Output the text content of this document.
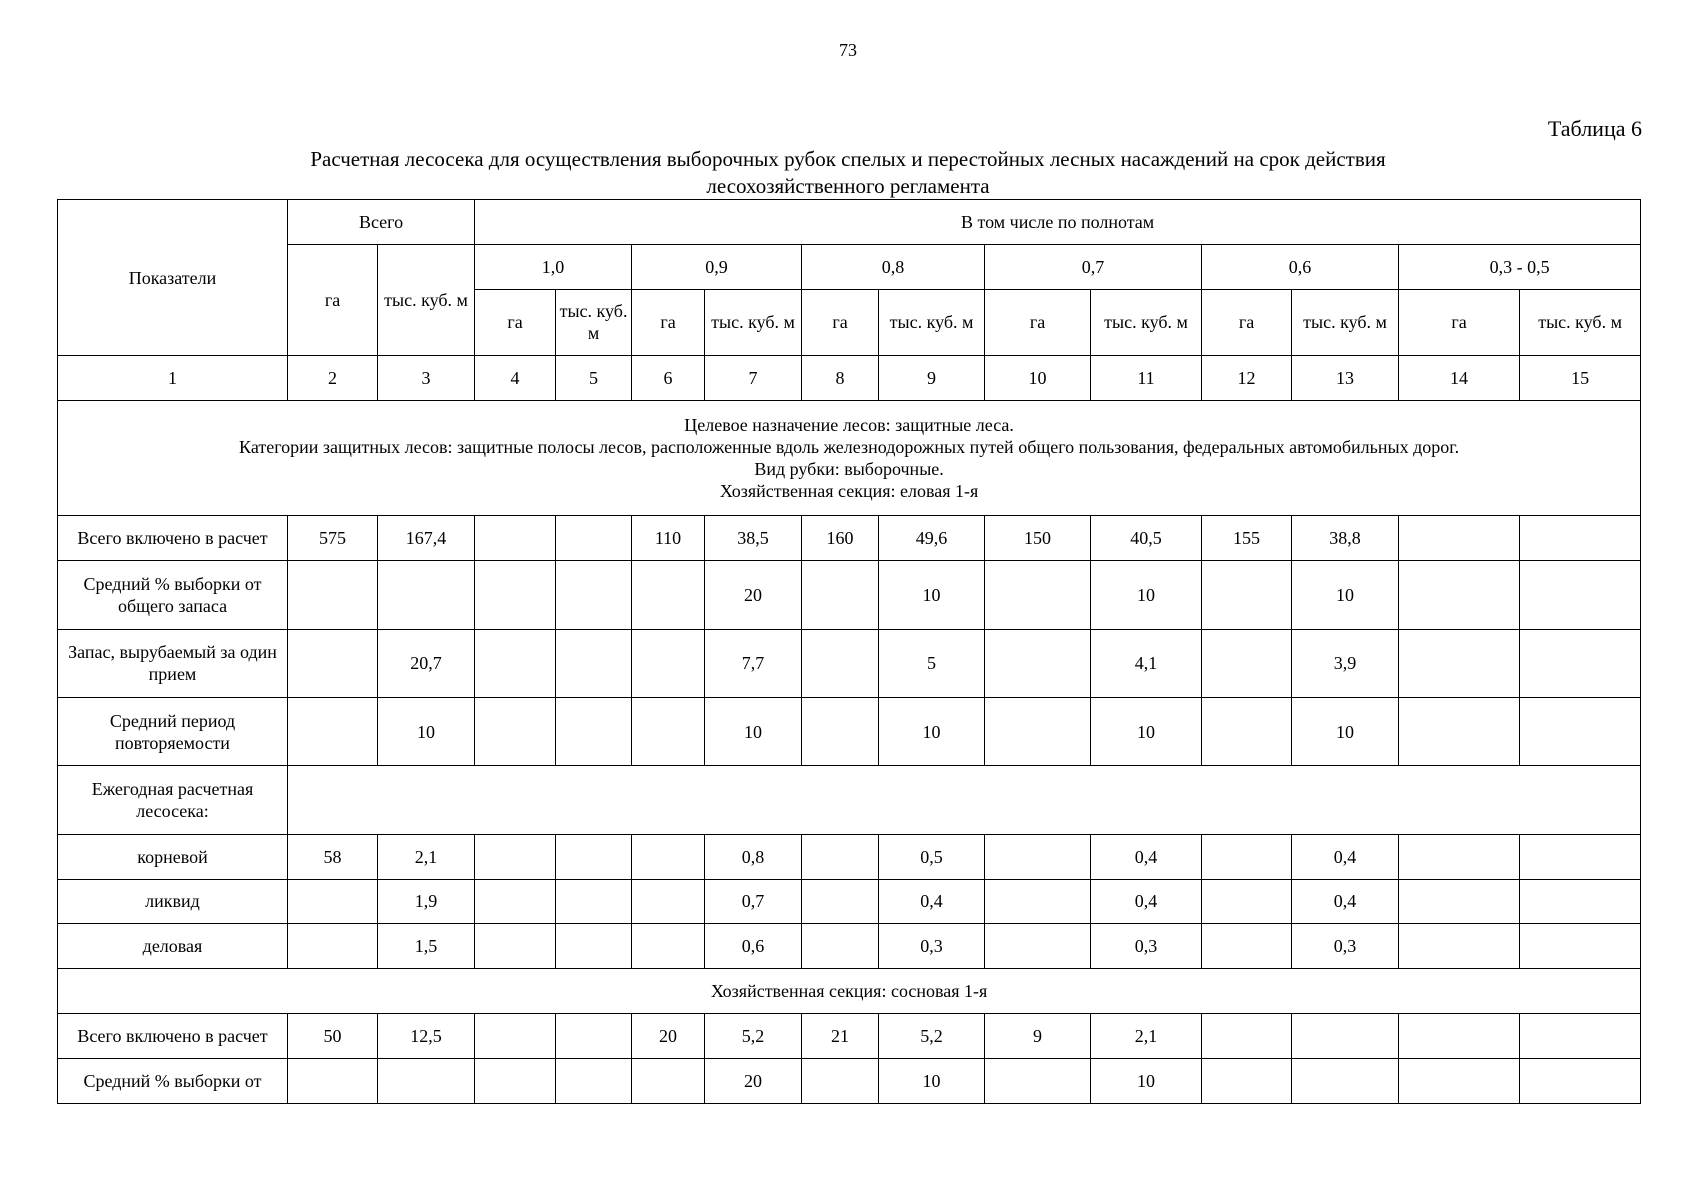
73
Таблица 6
Расчетная лесосека для осуществления выборочных рубок спелых и перестойных лесных насаждений на срок действия
лесохозяйственного регламента
Показатели	Всего		В том числе по полнотам											
	га	тыс. куб. м	1,0		0,9		0,8		0,7		0,6		0,3 - 0,5	
			га	тыс. куб. м	га	тыс. куб. м	га	тыс. куб. м	га	тыс. куб. м	га	тыс. куб. м	га	тыс. куб. м
1	2	3	4	5	6	7	8	9	10	11	12	13	14	15

Целевое назначение лесов: защитные леса.
Категории защитных лесов: защитные полосы лесов, расположенные вдоль железнодорожных путей общего пользования, федеральных автомобильных дорог.
Вид рубки: выборочные.
Хозяйственная секция: еловая 1-я														

Всего включено в расчет	575	167,4			110	38,5	160	49,6	150	40,5	155	38,8		
Средний % выборки от общего запаса						20		10		10		10		
Запас, вырубаемый за один прием		20,7				7,7		5		4,1		3,9		
Средний период повторяемости		10				10		10		10		10		
Ежегодная расчетная лесосека:														
корневой	58	2,1				0,8		0,5		0,4		0,4		
ликвид		1,9				0,7		0,4		0,4		0,4		
деловая		1,5				0,6		0,3		0,3		0,3		

Хозяйственная секция: сосновая 1-я														

Всего включено в расчет	50	12,5			20	5,2	21	5,2	9	2,1				
Средний % выборки от						20		10		10				
